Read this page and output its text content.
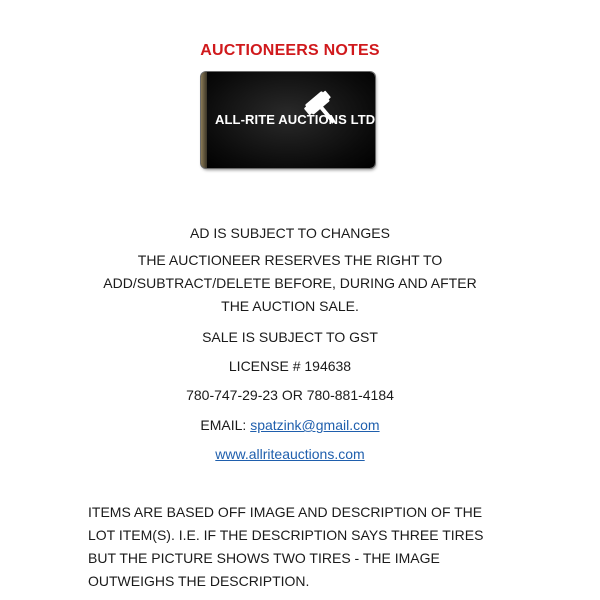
AUCTIONEERS NOTES
ALL-RITE AUCTIONS LTD
AD IS SUBJECT TO CHANGES
THE AUCTIONEER RESERVES THE RIGHT TO
ADD/SUBTRACT/DELETE BEFORE, DURING AND AFTER
THE AUCTION SALE.
SALE IS SUBJECT TO GST
LICENSE # 194638
780-747-29-23 OR 780-881-4184
EMAIL: spatzink@gmail.com
www.allriteauctions.com
ITEMS ARE BASED OFF IMAGE AND DESCRIPTION OF THE LOT ITEM(S). I.E. IF THE DESCRIPTION SAYS THREE TIRES BUT THE PICTURE SHOWS TWO TIRES - THE IMAGE OUTWEIGHS THE DESCRIPTION.
